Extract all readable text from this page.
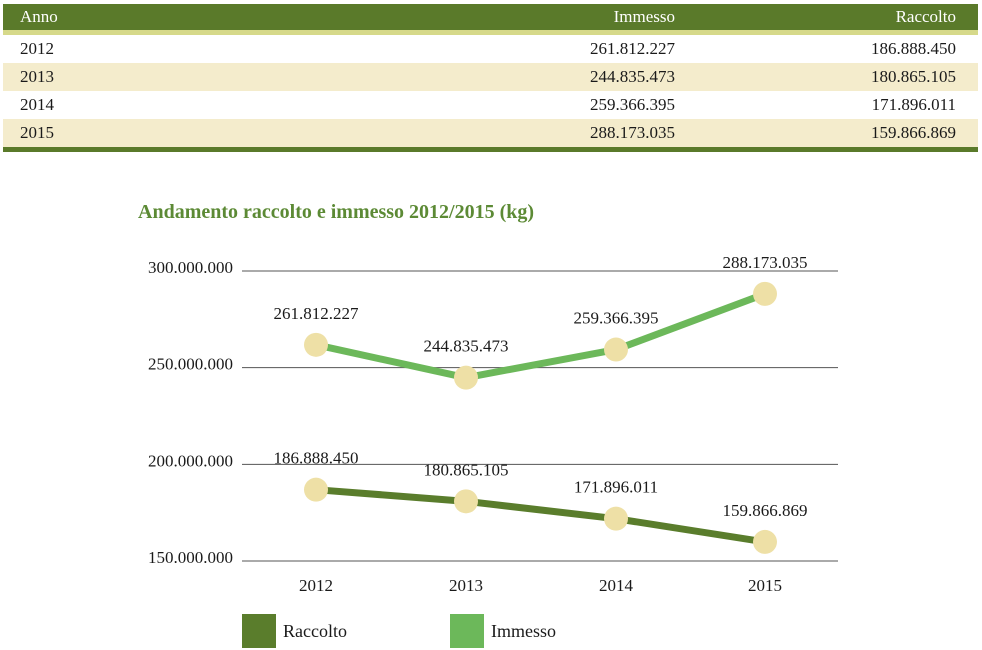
Anno	Immesso	Raccolto
2012	261.812.227	186.888.450
2013	244.835.473	180.865.105
2014	259.366.395	171.896.011
2015	288.173.035	159.866.869
Andamento raccolto e immesso 2012/2015 (kg)
300.000.000
250.000.000
200.000.000
150.000.000
2012	2013	2014	2015
186.888.450
180.865.105
171.896.011
159.866.869
261.812.227
244.835.473
259.366.395
288.173.035
Raccolto	Immesso
